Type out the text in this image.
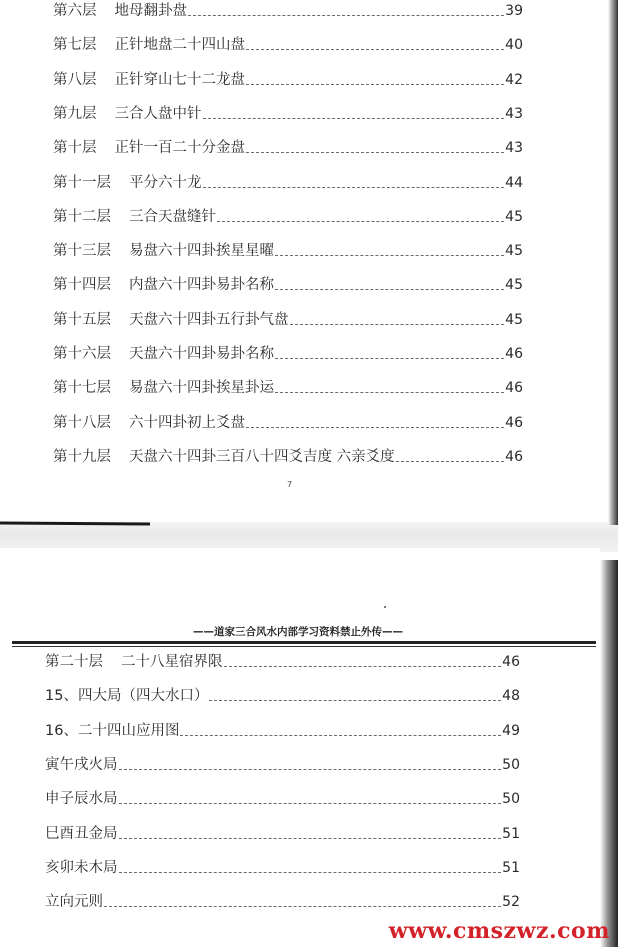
第六层 地母翻卦盘	39
第七层 正针地盘二十四山盘	40
第八层 正针穿山七十二龙盘	42
第九层 三合人盘中针	43
第十层 正针一百二十分金盘	43
第十一层 平分六十龙	44
第十二层 三合天盘缝针	45
第十三层 易盘六十四卦挨星星曜	45
第十四层 内盘六十四卦易卦名称	45
第十五层 天盘六十四卦五行卦气盘	45
第十六层 天盘六十四卦易卦名称	46
第十七层 易盘六十四卦挨星卦运	46
第十八层 六十四卦初上爻盘	46
第十九层 天盘六十四卦三百八十四爻吉度 六亲爻度	46
7
——道家三合风水内部学习资料禁止外传——
第二十层 二十八星宿界限	46
15、四大局（四大水口）	48
16、二十四山应用图	49
寅午戌火局	50
申子辰水局	50
巳酉丑金局	51
亥卯未木局	51
立向元则	52
www.cmszwz.com
